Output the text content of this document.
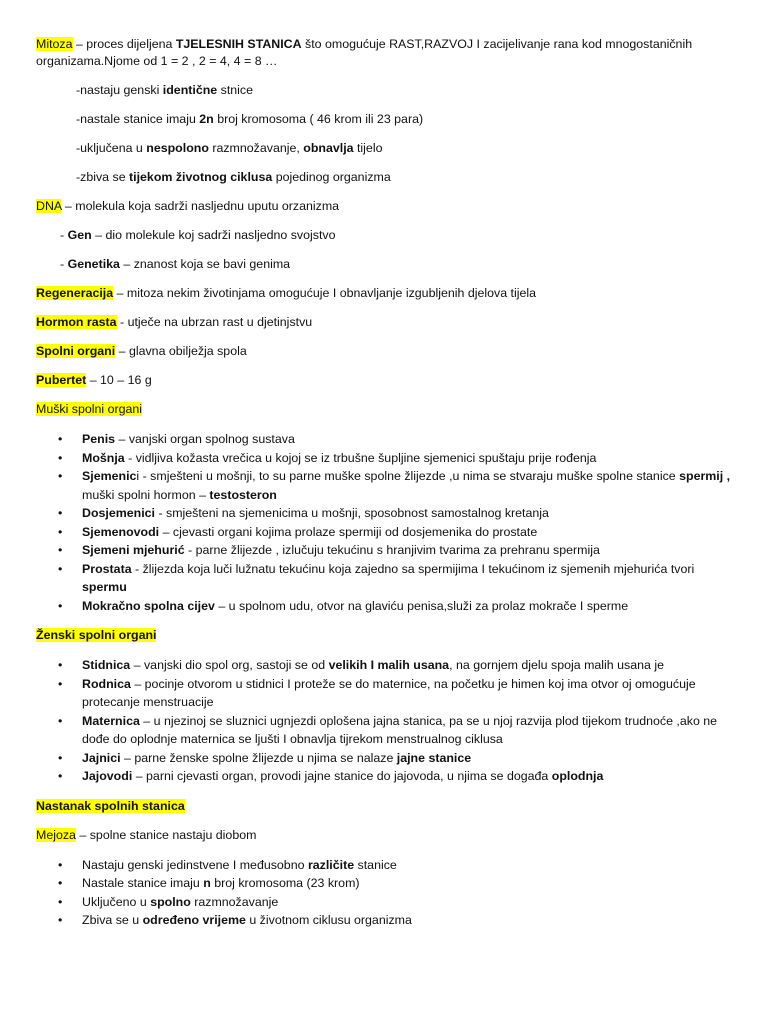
Mitoza – proces dijeljena TJELESNIH STANICA što omogućuje RAST,RAZVOJ I zacijelivanje rana kod mnogostaničnih organizama.Njome od 1 = 2 , 2 = 4, 4 = 8 …

-nastaju genski identične stnice

-nastale stanice imaju 2n broj kromosoma ( 46 krom ili 23 para)

-uključena u nespolono razmnožavanje, obnavlja tijelo

-zbiva se tijekom životnog ciklusa pojedinog organizma

DNA – molekula koja sadrži nasljednu uputu orzanizma

- Gen – dio molekule koj sadrži nasljedno svojstvo

- Genetika – znanost koja se bavi genima

Regeneracija – mitoza nekim životinjama omogućuje I obnavljanje izgubljenih djelova tijela

Hormon rasta - utječe na ubrzan rast u djetinjstvu

Spolni organi – glavna obilježja spola

Pubertet – 10 – 16 g

Muški spolni organi

• Penis – vanjski organ spolnog sustava
• Mošnja - vidljiva kožasta vrečica u kojoj se iz trbušne šupljine sjemenici spuštaju prije rođenja
• Sjemenici - smješteni u mošnji, to su parne muške spolne žlijezde ,u nima se stvaraju muške spolne stanice spermij , muški spolni hormon – testosteron
• Dosjemenici - smješteni na sjemenicima u mošnji, sposobnost samostalnog kretanja
• Sjemenovodi – cjevasti organi kojima prolaze spermiji od dosjemenika do prostate
• Sjemeni mjehurić - parne žlijezde , izlučuju tekućinu s hranjivim tvarima za prehranu spermija
• Prostata - žlijezda koja luči lužnatu tekućinu koja zajedno sa spermijima I tekućinom iz sjemenih mjehurića tvori spermu
• Mokračno spolna cijev – u spolnom udu, otvor na glaviću penisa,služi za prolaz mokrače I sperme

Ženski spolni organi

• Stidnica – vanjski dio spol org, sastoji se od velikih I malih usana, na gornjem djelu spoja malih usana je
• Rodnica – pocinje otvorom u stidnici I proteže se do maternice, na početku je himen koj ima otvor oj omogućuje protecanje menstruacije
• Maternica – u njezinoj se sluznici ugnjezdi oplošena jajna stanica, pa se u njoj razvija plod tijekom trudnoće ,ako ne dođe do oplodnje maternica se ljušti I obnavlja tijrekom menstrualnog ciklusa
• Jajnici – parne ženske spolne žlijezde u njima se nalaze jajne stanice
• Jajovodi – parni cjevasti organ, provodi jajne stanice do jajovoda, u njima se događa oplodnja

Nastanak spolnih stanica

Mejoza – spolne stanice nastaju diobom

• Nastaju genski jedinstvene I međusobno različite stanice
• Nastale stanice imaju n broj kromosoma (23 krom)
• Uključeno u spolno razmnožavanje
• Zbiva se u određeno vrijeme u životnom ciklusu organizma
